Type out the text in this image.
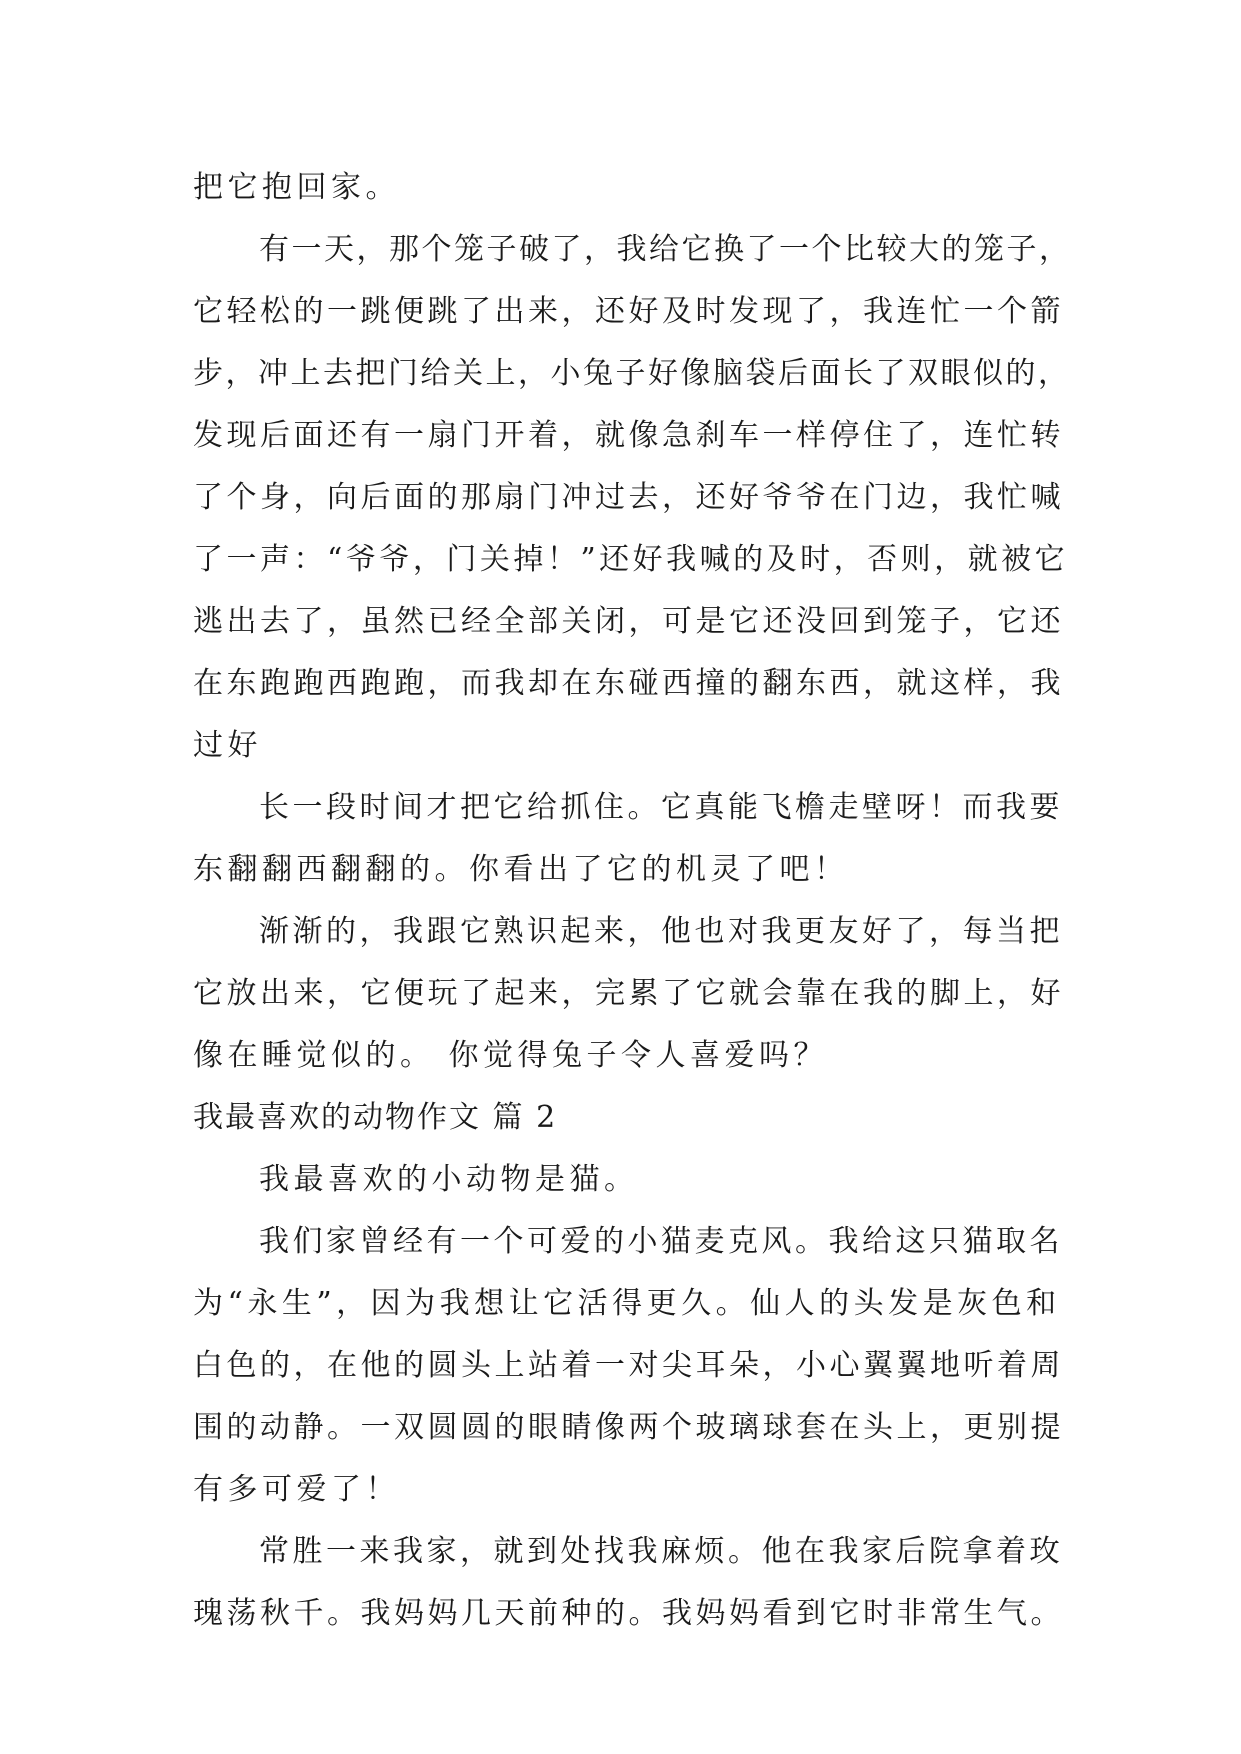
把它抱回家。
有一天，那个笼子破了，我给它换了一个比较大的笼子，
它轻松的一跳便跳了出来，还好及时发现了，我连忙一个箭
步，冲上去把门给关上，小兔子好像脑袋后面长了双眼似的，
发现后面还有一扇门开着，就像急刹车一样停住了，连忙转
了个身，向后面的那扇门冲过去，还好爷爷在门边，我忙喊
了一声：“爷爷，门关掉！”还好我喊的及时，否则，就被它
逃出去了，虽然已经全部关闭，可是它还没回到笼子，它还
在东跑跑西跑跑，而我却在东碰西撞的翻东西，就这样，我
过好
长一段时间才把它给抓住。它真能飞檐走壁呀！而我要
东翻翻西翻翻的。你看出了它的机灵了吧！
渐渐的，我跟它熟识起来，他也对我更友好了，每当把
它放出来，它便玩了起来，完累了它就会靠在我的脚上，好
像在睡觉似的。 你觉得兔子令人喜爱吗？
我最喜欢的动物作文 篇 2
我最喜欢的小动物是猫。
我们家曾经有一个可爱的小猫麦克风。我给这只猫取名
为“永生”，因为我想让它活得更久。仙人的头发是灰色和
白色的，在他的圆头上站着一对尖耳朵，小心翼翼地听着周
围的动静。一双圆圆的眼睛像两个玻璃球套在头上，更别提
有多可爱了！
常胜一来我家，就到处找我麻烦。他在我家后院拿着玫
瑰荡秋千。我妈妈几天前种的。我妈妈看到它时非常生气。
